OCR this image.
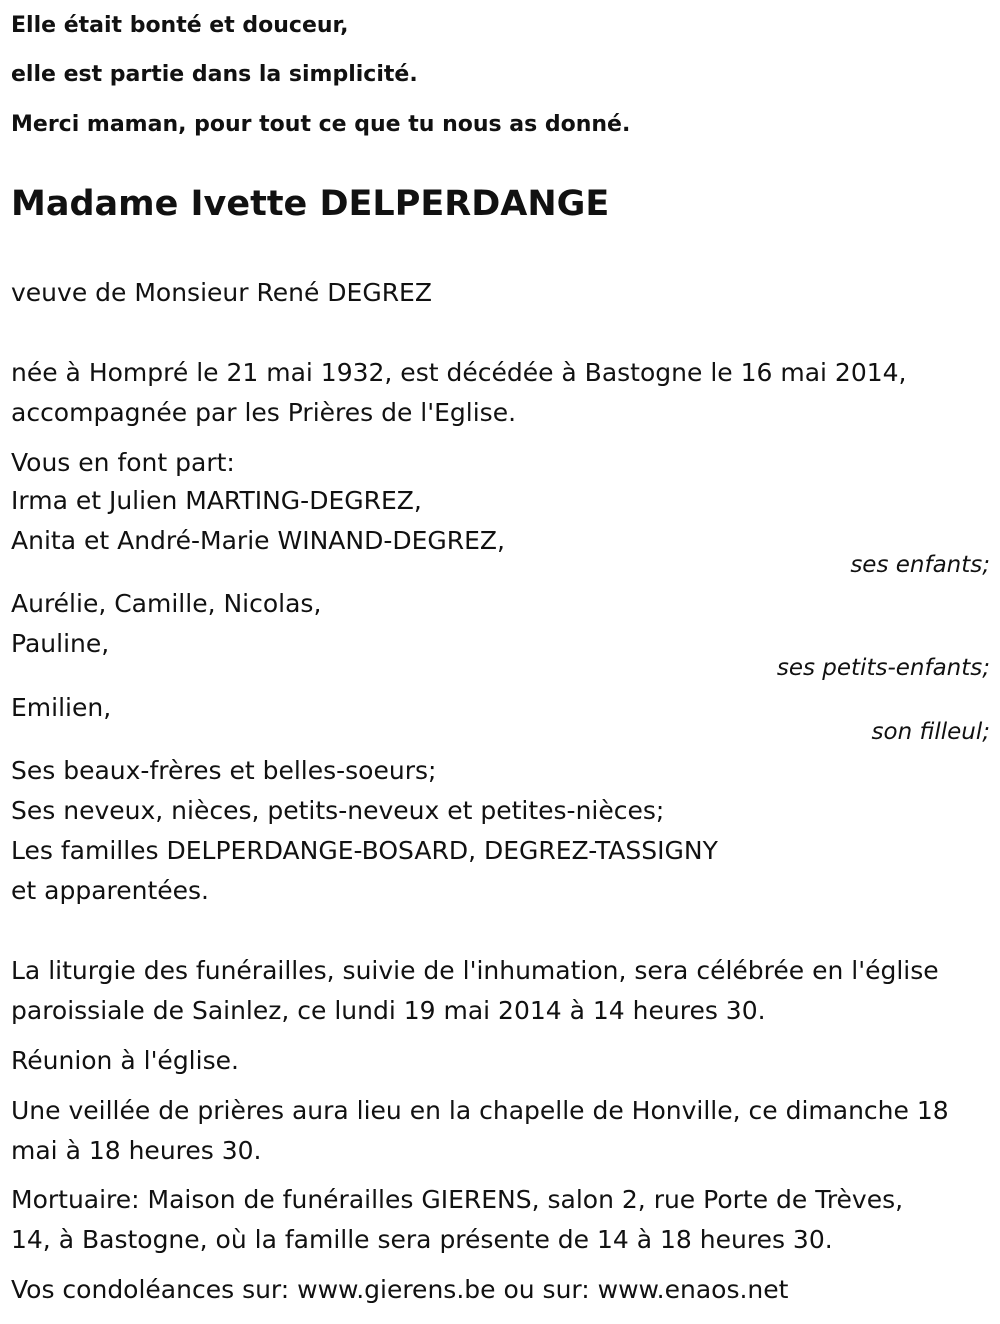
Elle était bonté et douceur,
elle est partie dans la simplicité.
Merci maman, pour tout ce que tu nous as donné.
Madame Ivette DELPERDANGE
veuve de Monsieur René DEGREZ
née à Hompré le 21 mai 1932, est décédée à Bastogne le 16 mai 2014,
accompagnée par les Prières de l'Eglise.
Vous en font part:
Irma et Julien MARTING-DEGREZ,
Anita et André-Marie WINAND-DEGREZ,
ses enfants;
Aurélie, Camille, Nicolas,
Pauline,
ses petits-enfants;
Emilien,
son filleul;
Ses beaux-frères et belles-soeurs;
Ses neveux, nièces, petits-neveux et petites-nièces;
Les familles DELPERDANGE-BOSARD, DEGREZ-TASSIGNY
et apparentées.
La liturgie des funérailles, suivie de l'inhumation, sera célébrée en l'église
paroissiale de Sainlez, ce lundi 19 mai 2014 à 14 heures 30.
Réunion à l'église.
Une veillée de prières aura lieu en la chapelle de Honville, ce dimanche 18
mai à 18 heures 30.
Mortuaire: Maison de funérailles GIERENS, salon 2, rue Porte de Trèves,
14, à Bastogne, où la famille sera présente de 14 à 18 heures 30.
Vos condoléances sur: www.gierens.be ou sur: www.enaos.net
